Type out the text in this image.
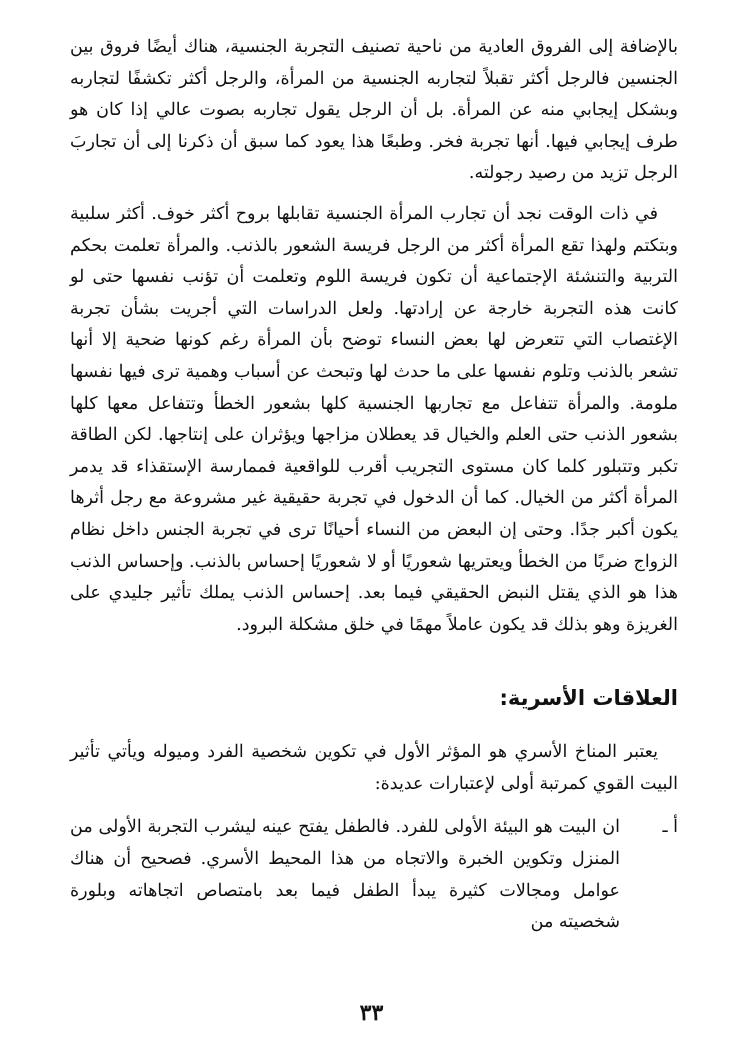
بالإضافة إلى الفروق العادية من ناحية تصنيف التجربة الجنسية، هناك أيضًا فروق بين الجنسين فالرجل أكثر تقبلاً لتجاربه الجنسية من المرأة، والرجل أكثر تكشفًا لتجاربه وبشكل إيجابي منه عن المرأة. بل أن الرجل يقول تجاربه بصوت عالي إذا كان هو طرف إيجابي فيها. أنها تجربة فخر. وطبعًا هذا يعود كما سبق أن ذكرنا إلى أن تجاربَ الرجل تزيد من رصيد رجولته.

في ذات الوقت نجد أن تجارب المرأة الجنسية تقابلها بروح أكثر خوف. أكثر سلبية وبتكتم ولهذا تقع المرأة أكثر من الرجل فريسة الشعور بالذنب. والمرأة تعلمت بحكم التربية والتنشئة الإجتماعية أن تكون فريسة اللوم وتعلمت أن تؤنب نفسها حتى لو كانت هذه التجربة خارجة عن إرادتها. ولعل الدراسات التي أجريت بشأن تجربة الإغتصاب التي تتعرض لها بعض النساء توضح بأن المرأة رغم كونها ضحية إلا أنها تشعر بالذنب وتلوم نفسها على ما حدث لها وتبحث عن أسباب وهمية ترى فيها نفسها ملومة. والمرأة تتفاعل مع تجاربها الجنسية كلها بشعور الخطأ وتتفاعل معها كلها بشعور الذنب حتى العلم والخيال قد يعطلان مزاجها ويؤثران على إنتاجها. لكن الطاقة تكبر وتتبلور كلما كان مستوى التجريب أقرب للواقعية فممارسة الإستقذاء قد يدمر المرأة أكثر من الخيال. كما أن الدخول في تجربة حقيقية غير مشروعة مع رجل أثرها يكون أكبر جدًا. وحتى إن البعض من النساء أحيانًا ترى في تجربة الجنس داخل نظام الزواج ضربًا من الخطأ ويعتريها شعوريًا أو لا شعوريًا إحساس بالذنب. وإحساس الذنب هذا هو الذي يقتل النبض الحقيقي فيما بعد. إحساس الذنب يملك تأثير جليدي على الغريزة وهو بذلك قد يكون عاملاً مهمًا في خلق مشكلة البرود.

العلاقات الأسرية:

يعتبر المناخ الأسري هو المؤثر الأول في تكوين شخصية الفرد وميوله ويأتي تأثير البيت القوي كمرتبة أولى لإعتبارات عديدة:

أ ـ
ان البيت هو البيئة الأولى للفرد. فالطفل يفتح عينه ليشرب التجربة الأولى من المنزل وتكوين الخبرة والاتجاه من هذا المحيط الأسري. فصحيح أن هناك عوامل ومجالات كثيرة يبدأ الطفل فيما بعد بامتصاص اتجاهاته وبلورة شخصيته من
٣٣
